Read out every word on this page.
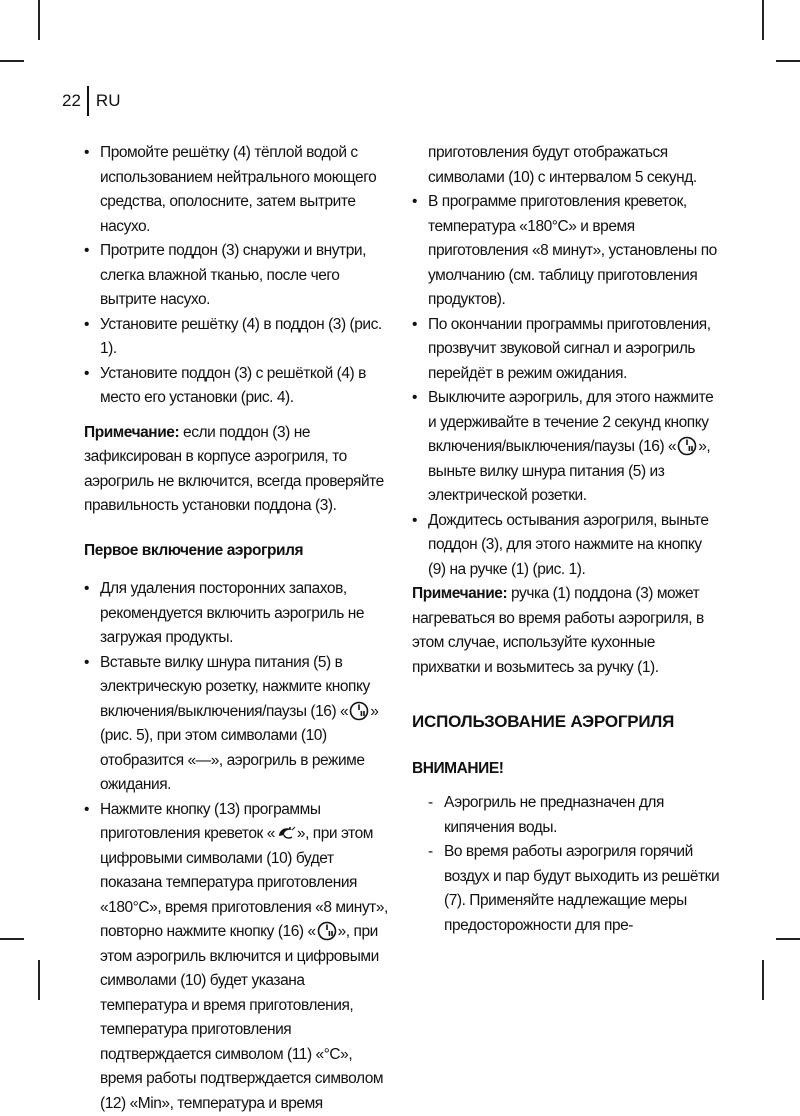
22 RU
• Промойте решётку (4) тёплой водой с использованием нейтрального моющего средства, ополосните, затем вытрите насухо.
• Протрите поддон (3) снаружи и внутри, слегка влажной тканью, после чего вытрите насухо.
• Установите решётку (4) в поддон (3) (рис. 1).
• Установите поддон (3) с решёткой (4) в место его установки (рис. 4).

Примечание: если поддон (3) не зафиксирован в корпусе аэрогриля, то аэрогриль не включится, всегда проверяйте правильность установки поддона (3).

Первое включение аэрогриля

• Для удаления посторонних запахов, рекомендуется включить аэрогриль не загружая продукты.
• Вставьте вилку шнура питания (5) в электрическую розетку, нажмите кнопку включения/выключения/паузы (16) « » (рис. 5), при этом символами (10) отобразится «—», аэрогриль в режиме ожидания.
• Нажмите кнопку (13) программы приготовления креветок « », при этом цифровыми символами (10) будет показана температура приготовления «180°С», время приготовления «8 минут», повторно нажмите кнопку (16) « », при этом аэрогриль включится и цифровыми символами (10) будет указана температура и время приготовления, температура приготовления подтверждается символом (11) «°С», время работы подтверждается символом (12) «Min», температура и время

приготовления будут отображаться символами (10) с интервалом 5 секунд.

• В программе приготовления креветок, температура «180°С» и время приготовления «8 минут», установлены по умолчанию (см. таблицу приготовления продуктов).
• По окончании программы приготовления, прозвучит звуковой сигнал и аэрогриль перейдёт в режим ожидания.
• Выключите аэрогриль, для этого нажмите и удерживайте в течение 2 секунд кнопку включения/выключения/паузы (16) « », выньте вилку шнура питания (5) из электрической розетки.
• Дождитесь остывания аэрогриля, выньте поддон (3), для этого нажмите на кнопку (9) на ручке (1) (рис. 1).

Примечание: ручка (1) поддона (3) может нагреваться во время работы аэрогриля, в этом случае, используйте кухонные прихватки и возьмитесь за ручку (1).

ИСПОЛЬЗОВАНИЕ АЭРОГРИЛЯ

ВНИМАНИЕ!

- Аэрогриль не предназначен для кипячения воды.
- Во время работы аэрогриля горячий воздух и пар будут выходить из решётки (7). Применяйте надлежащие меры предосторожности для пре-
